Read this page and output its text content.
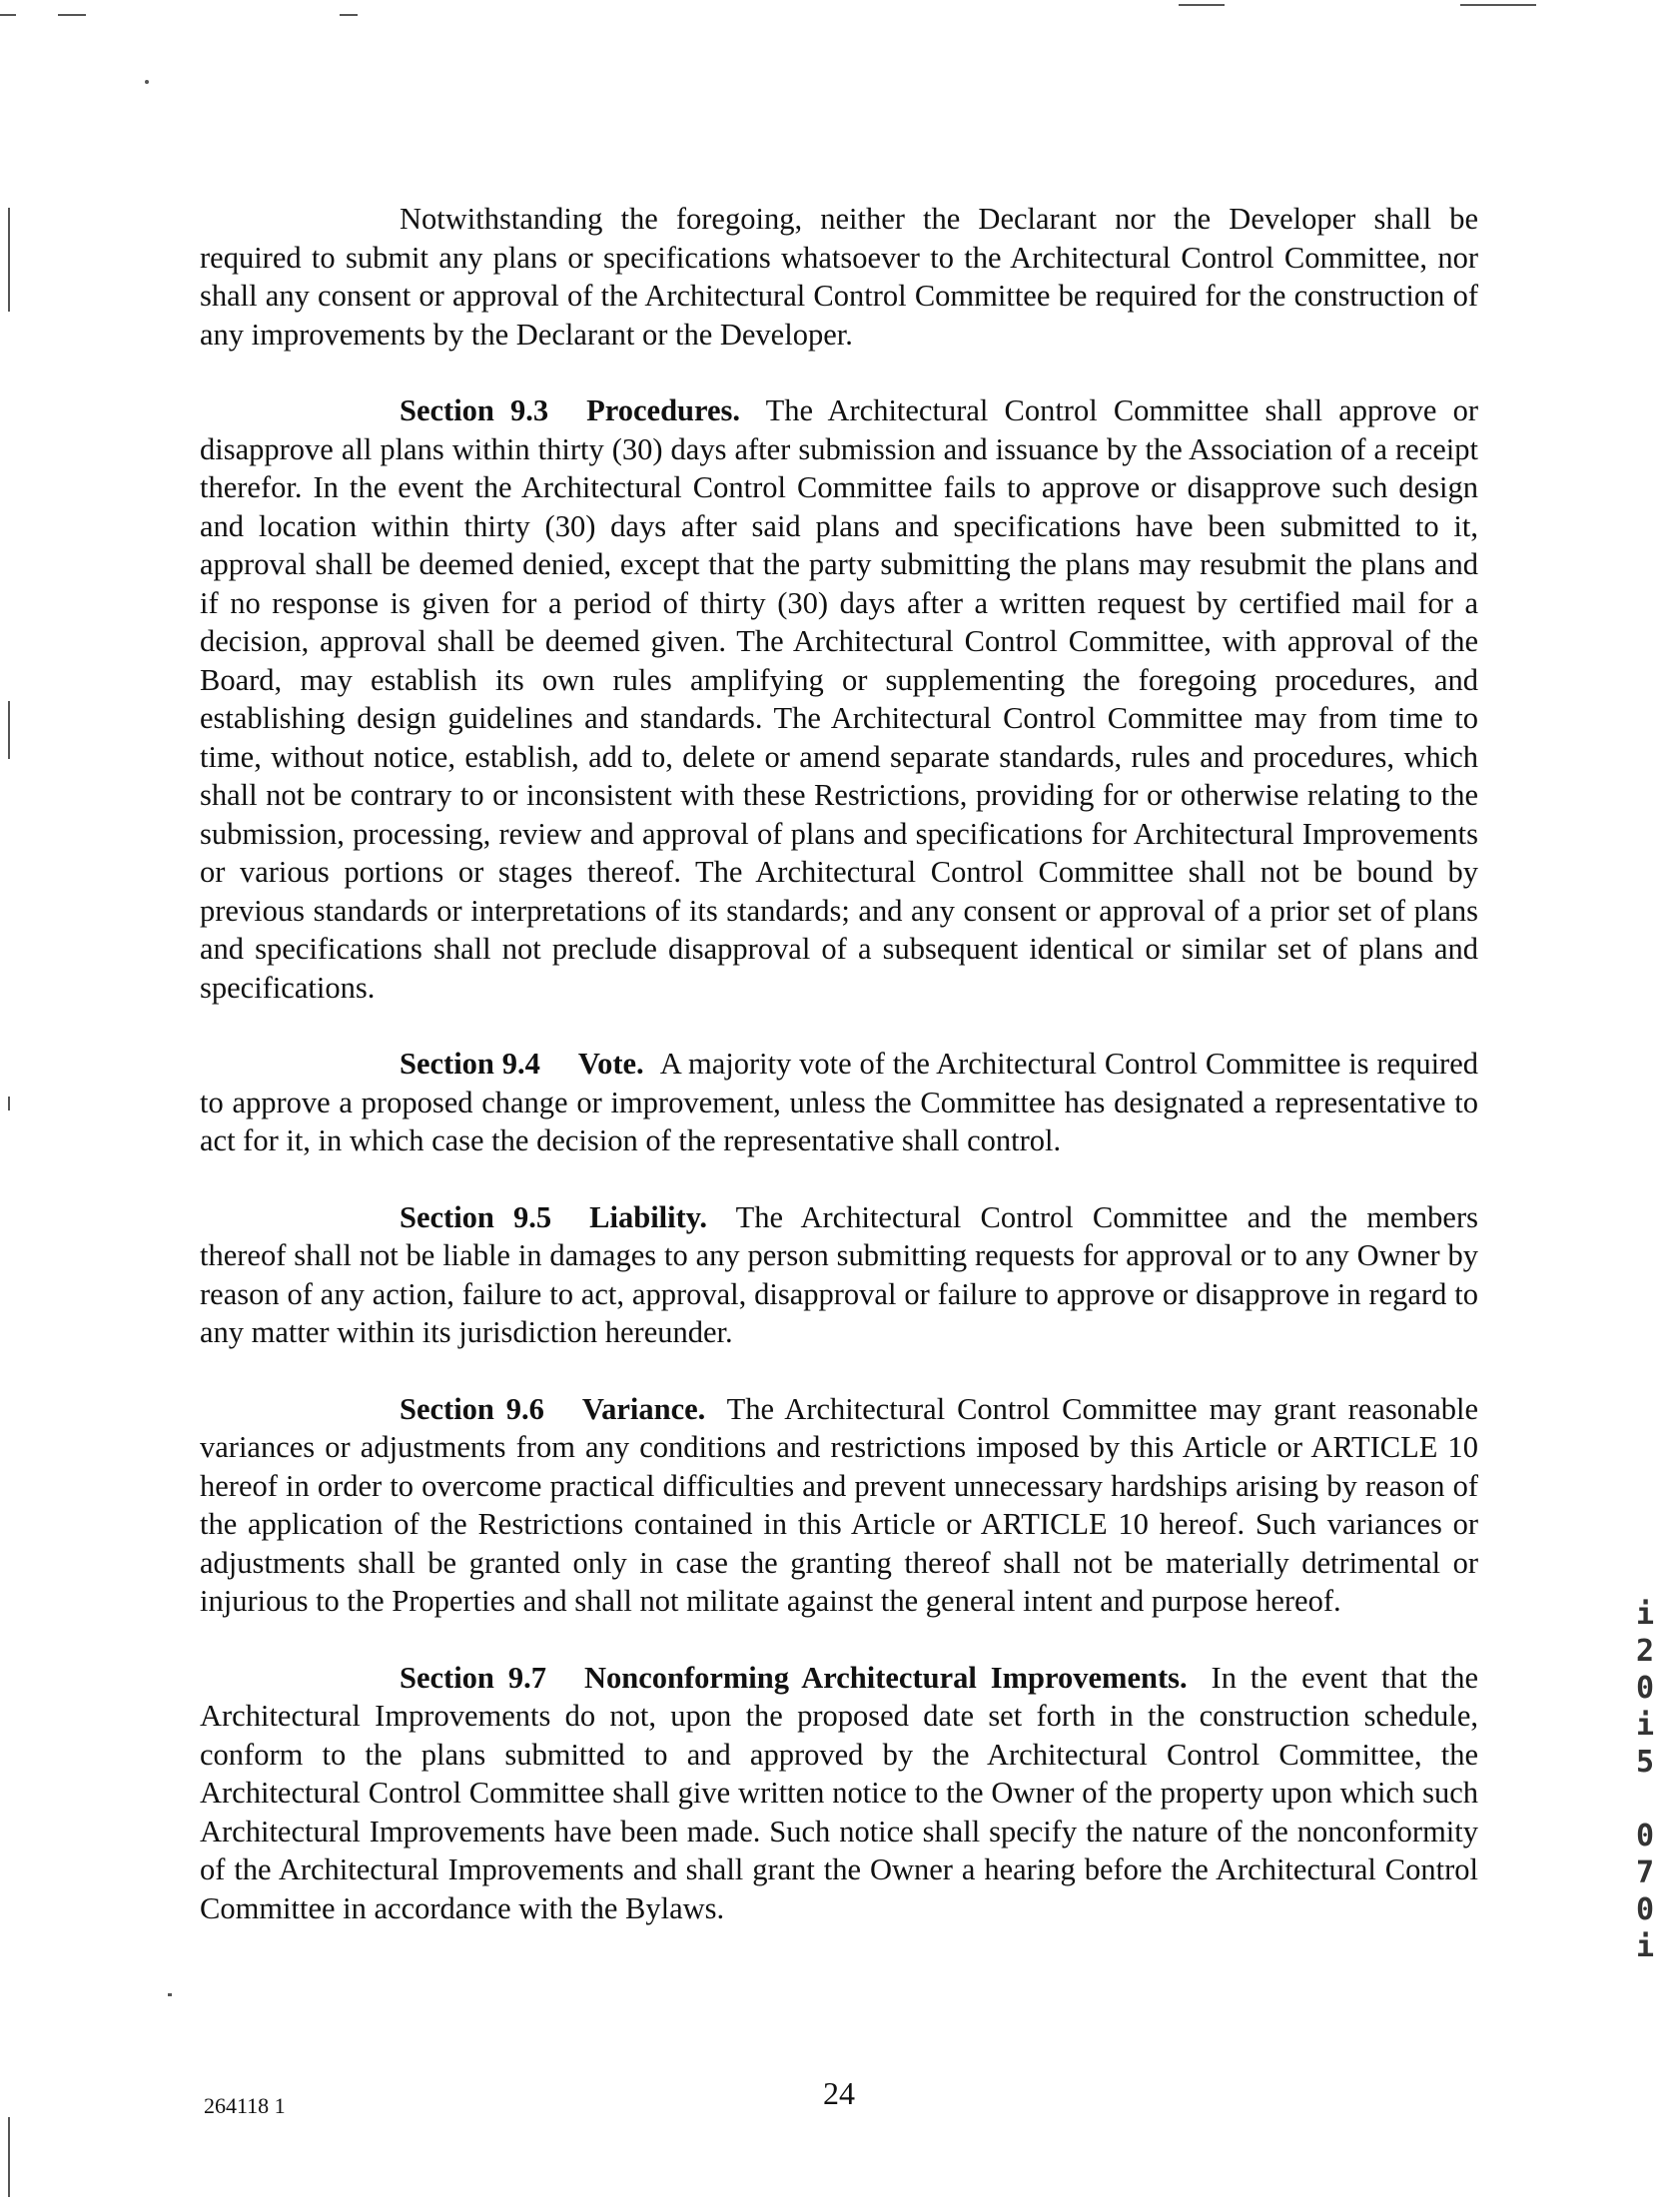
Notwithstanding the foregoing, neither the Declarant nor the Developer shall be required to submit any plans or specifications whatsoever to the Architectural Control Committee, nor shall any consent or approval of the Architectural Control Committee be required for the construction of any improvements by the Declarant or the Developer.

Section 9.3 Procedures. The Architectural Control Committee shall approve or disapprove all plans within thirty (30) days after submission and issuance by the Association of a receipt therefor. In the event the Architectural Control Committee fails to approve or disapprove such design and location within thirty (30) days after said plans and specifications have been submitted to it, approval shall be deemed denied, except that the party submitting the plans may resubmit the plans and if no response is given for a period of thirty (30) days after a written request by certified mail for a decision, approval shall be deemed given. The Architectural Control Committee, with approval of the Board, may establish its own rules amplifying or supplementing the foregoing procedures, and establishing design guidelines and standards. The Architectural Control Committee may from time to time, without notice, establish, add to, delete or amend separate standards, rules and procedures, which shall not be contrary to or inconsistent with these Restrictions, providing for or otherwise relating to the submission, processing, review and approval of plans and specifications for Architectural Improvements or various portions or stages thereof. The Architectural Control Committee shall not be bound by previous standards or interpretations of its standards; and any consent or approval of a prior set of plans and specifications shall not preclude disapproval of a subsequent identical or similar set of plans and specifications.

Section 9.4 Vote. A majority vote of the Architectural Control Committee is required to approve a proposed change or improvement, unless the Committee has designated a representative to act for it, in which case the decision of the representative shall control.

Section 9.5 Liability. The Architectural Control Committee and the members thereof shall not be liable in damages to any person submitting requests for approval or to any Owner by reason of any action, failure to act, approval, disapproval or failure to approve or disapprove in regard to any matter within its jurisdiction hereunder.

Section 9.6 Variance. The Architectural Control Committee may grant reasonable variances or adjustments from any conditions and restrictions imposed by this Article or ARTICLE 10 hereof in order to overcome practical difficulties and prevent unnecessary hardships arising by reason of the application of the Restrictions contained in this Article or ARTICLE 10 hereof. Such variances or adjustments shall be granted only in case the granting thereof shall not be materially detrimental or injurious to the Properties and shall not militate against the general intent and purpose hereof.

Section 9.7 Nonconforming Architectural Improvements. In the event that the Architectural Improvements do not, upon the proposed date set forth in the construction schedule, conform to the plans submitted to and approved by the Architectural Control Committee, the Architectural Control Committee shall give written notice to the Owner of the property upon which such Architectural Improvements have been made. Such notice shall specify the nature of the nonconformity of the Architectural Improvements and shall grant the Owner a hearing before the Architectural Control Committee in accordance with the Bylaws.

i
2
0
i
5

0
7
0
i
264118 1	24
